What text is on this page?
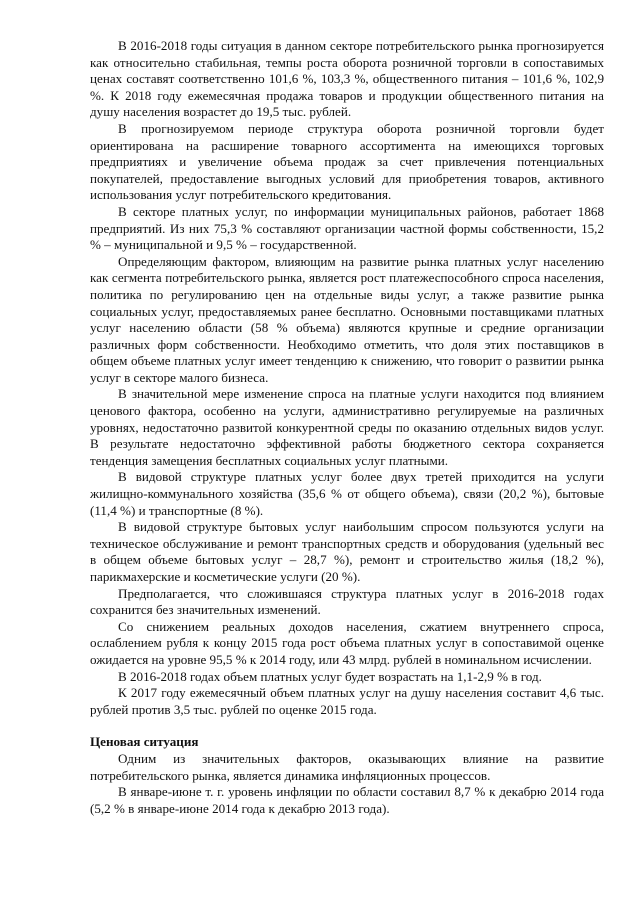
В 2016-2018 годы ситуация в данном секторе потребительского рынка прогнозируется как относительно стабильная, темпы роста оборота розничной торговли в сопоставимых ценах составят соответственно 101,6 %, 103,3 %, общественного питания – 101,6 %, 102,9 %. К 2018 году ежемесячная продажа товаров и продукции общественного питания на душу населения возрастет до 19,5 тыс. рублей.

В прогнозируемом периоде структура оборота розничной торговли будет ориентирована на расширение товарного ассортимента на имеющихся торговых предприятиях и увеличение объема продаж за счет привлечения потенциальных покупателей, предоставление выгодных условий для приобретения товаров, активного использования услуг потребительского кредитования.

В секторе платных услуг, по информации муниципальных районов, работает 1868 предприятий. Из них 75,3 % составляют организации частной формы собственности, 15,2 % – муниципальной и 9,5 % – государственной.

Определяющим фактором, влияющим на развитие рынка платных услуг населению как сегмента потребительского рынка, является рост платежеспособного спроса населения, политика по регулированию цен на отдельные виды услуг, а также развитие рынка социальных услуг, предоставляемых ранее бесплатно. Основными поставщиками платных услуг населению области (58 % объема) являются крупные и средние организации различных форм собственности. Необходимо отметить, что доля этих поставщиков в общем объеме платных услуг имеет тенденцию к снижению, что говорит о развитии рынка услуг в секторе малого бизнеса.

В значительной мере изменение спроса на платные услуги находится под влиянием ценового фактора, особенно на услуги, административно регулируемые на различных уровнях, недостаточно развитой конкурентной среды по оказанию отдельных видов услуг. В результате недостаточно эффективной работы бюджетного сектора сохраняется тенденция замещения бесплатных социальных услуг платными.

В видовой структуре платных услуг более двух третей приходится на услуги жилищно-коммунального хозяйства (35,6 % от общего объема), связи (20,2 %), бытовые (11,4 %) и транспортные (8 %).

В видовой структуре бытовых услуг наибольшим спросом пользуются услуги на техническое обслуживание и ремонт транспортных средств и оборудования (удельный вес в общем объеме бытовых услуг – 28,7 %), ремонт и строительство жилья (18,2 %), парикмахерские и косметические услуги (20 %).

Предполагается, что сложившаяся структура платных услуг в 2016-2018 годах сохранится без значительных изменений.

Со снижением реальных доходов населения, сжатием внутреннего спроса, ослаблением рубля к концу 2015 года рост объема платных услуг в сопоставимой оценке ожидается на уровне 95,5 % к 2014 году, или 43 млрд. рублей в номинальном исчислении.

В 2016-2018 годах объем платных услуг будет возрастать на 1,1-2,9 % в год.

К 2017 году ежемесячный объем платных услуг на душу населения составит 4,6 тыс. рублей против 3,5 тыс. рублей по оценке 2015 года.

Ценовая ситуация

Одним из значительных факторов, оказывающих влияние на развитие потребительского рынка, является динамика инфляционных процессов.

В январе-июне т. г. уровень инфляции по области составил 8,7 % к декабрю 2014 года (5,2 % в январе-июне 2014 года к декабрю 2013 года).
